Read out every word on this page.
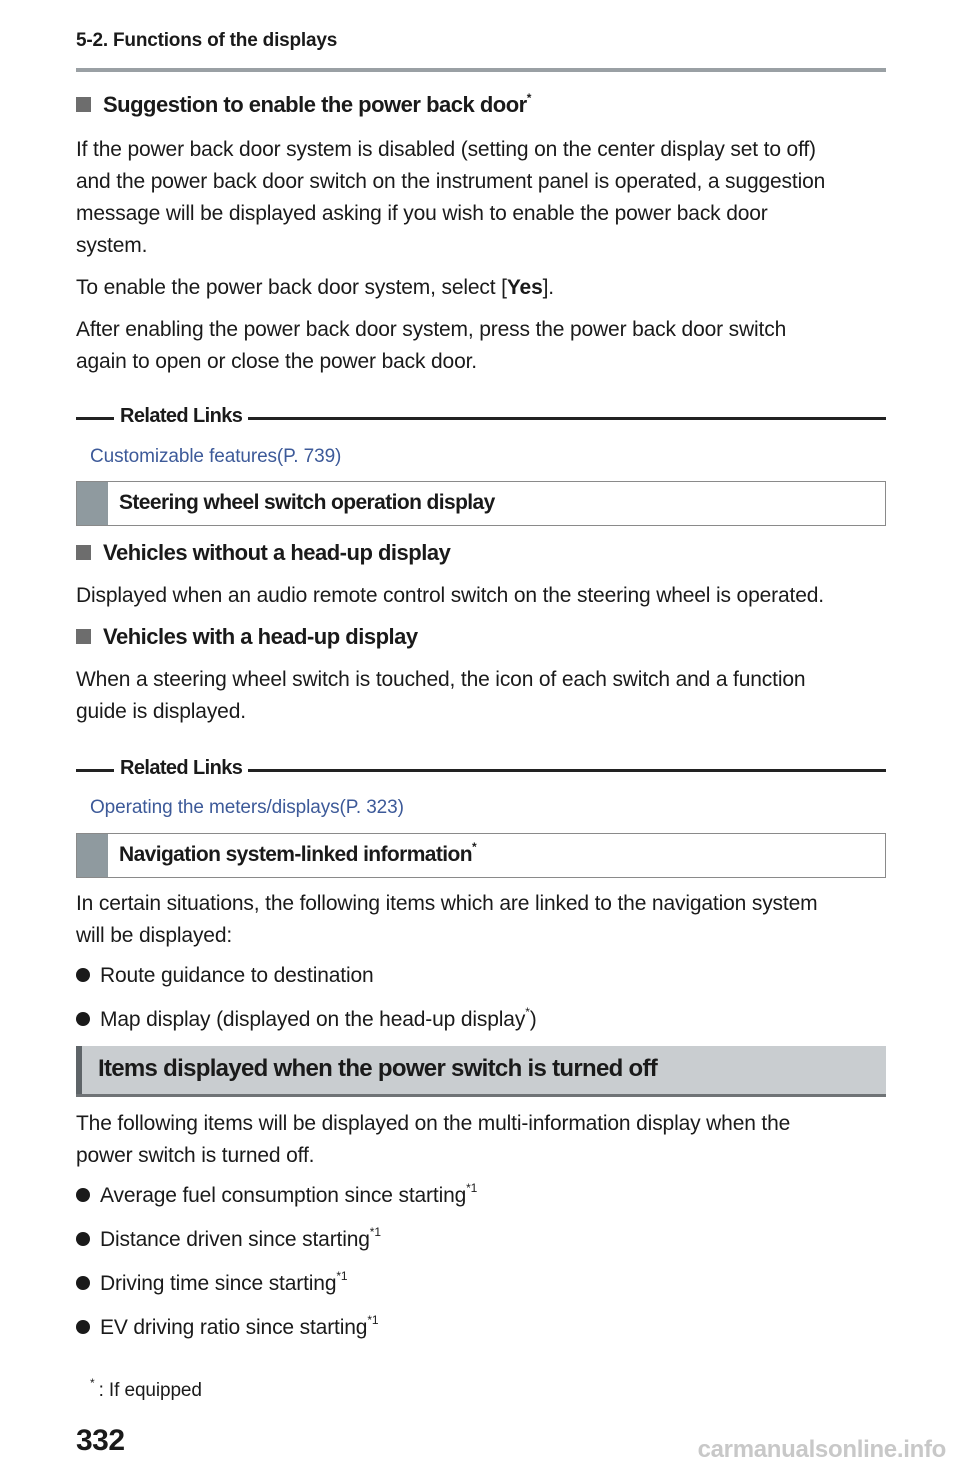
5-2. Functions of the displays
Suggestion to enable the power back door*
If the power back door system is disabled (setting on the center display set to off)
and the power back door switch on the instrument panel is operated, a suggestion
message will be displayed asking if you wish to enable the power back door
system.
To enable the power back door system, select [Yes].
After enabling the power back door system, press the power back door switch
again to open or close the power back door.
Related Links
Customizable features(P. 739)
Steering wheel switch operation display
Vehicles without a head-up display
Displayed when an audio remote control switch on the steering wheel is operated.
Vehicles with a head-up display
When a steering wheel switch is touched, the icon of each switch and a function
guide is displayed.
Related Links
Operating the meters/displays(P. 323)
Navigation system-linked information*
In certain situations, the following items which are linked to the navigation system
will be displayed:
Route guidance to destination
Map display (displayed on the head-up display*)
Items displayed when the power switch is turned off
The following items will be displayed on the multi-information display when the
power switch is turned off.
Average fuel consumption since starting$^{*1}$
Distance driven since starting$^{*1}$
Driving time since starting$^{*1}$
EV driving ratio since starting$^{*1}$
* : If equipped
332	carmanualsonline.info
